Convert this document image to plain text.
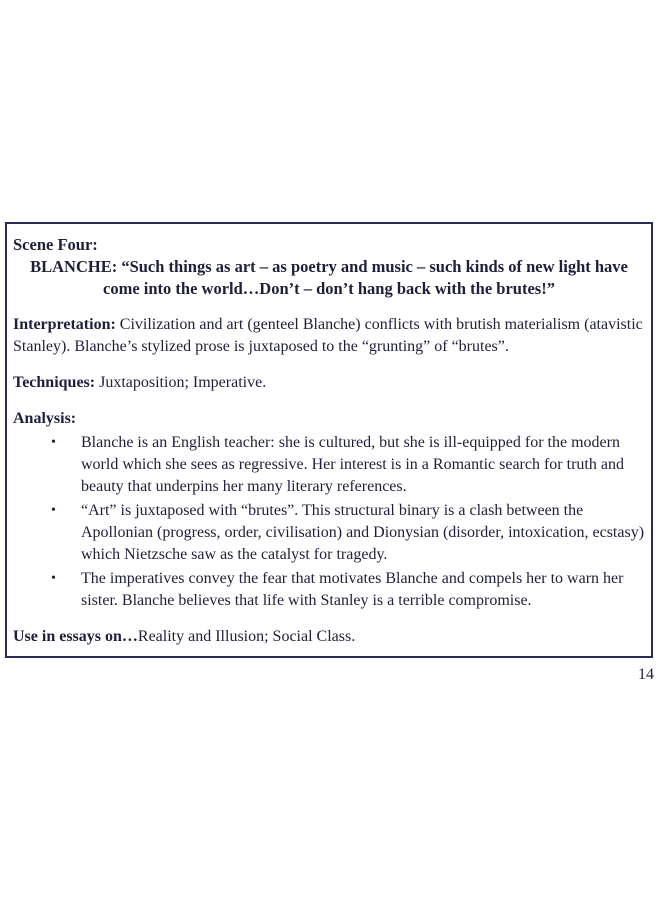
Scene Four:

BLANCHE: “Such things as art – as poetry and music – such kinds of new light have come into the world…Don’t – don’t hang back with the brutes!”

Interpretation: Civilization and art (genteel Blanche) conflicts with brutish materialism (atavistic Stanley). Blanche’s stylized prose is juxtaposed to the “grunting” of “brutes”.

Techniques: Juxtaposition; Imperative.

Analysis:

• Blanche is an English teacher: she is cultured, but she is ill-equipped for the modern world which she sees as regressive. Her interest is in a Romantic search for truth and beauty that underpins her many literary references.
• “Art” is juxtaposed with “brutes”. This structural binary is a clash between the Apollonian (progress, order, civilisation) and Dionysian (disorder, intoxication, ecstasy) which Nietzsche saw as the catalyst for tragedy.
• The imperatives convey the fear that motivates Blanche and compels her to warn her sister. Blanche believes that life with Stanley is a terrible compromise.

Use in essays on…Reality and Illusion; Social Class.

14
